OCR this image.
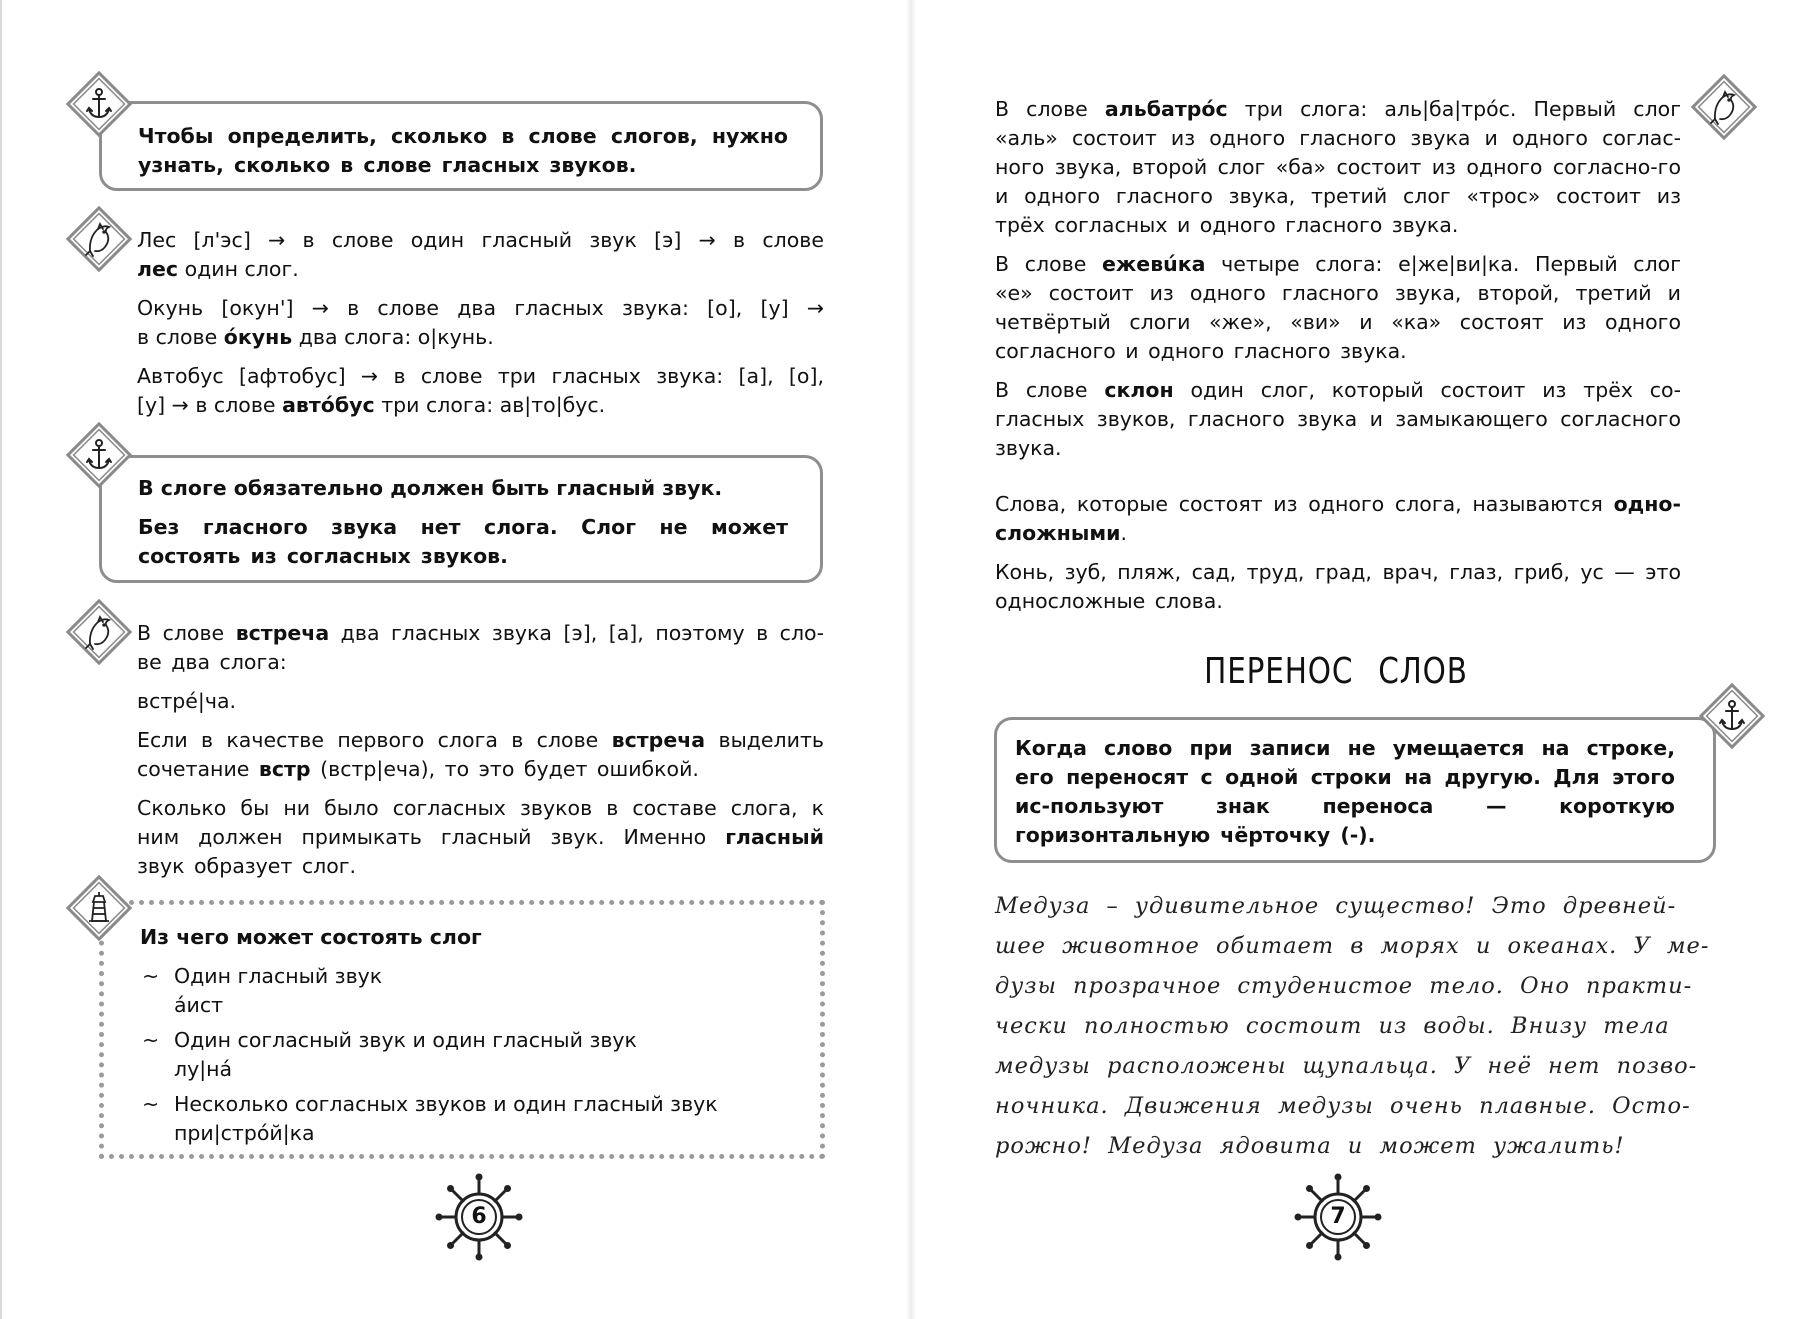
Чтобы определить, сколько в слове слогов, нужно узнать, сколько в слове гласных звуков.

Лес [л'эс] → в слове один гласный звук [э] → в слове

лес один слог.

Окунь [окун'] → в слове два гласных звука: [о], [у] →

в слове óкунь два слога: о|кунь.

Автобус [афтобус] → в слове три гласных звука: [а], [о],

[у] → в слове автóбус три слога: ав|то|бус.

В слоге обязательно должен быть гласный звук.

Без гласного звука нет слога. Слог не может состоять из согласных звуков.

В слове встреча два гласных звука [э], [а], поэтому в сло-ве два слога:

встрé|ча.

Если в качестве первого слога в слове встреча выделить сочетание встр (встр|еча), то это будет ошибкой.

Сколько бы ни было согласных звуков в составе слога, к ним должен примыкать гласный звук. Именно гласный звук образует слог.

Из чего может состоять слог

~ Один гласный звук

áист

~ Один согласный звук и один гласный звук

лу|нá

~ Несколько согласных звуков и один гласный звук

при|стрóй|ка

6

В слове альбатрóс три слога: аль|ба|трóс. Первый слог «аль» состоит из одного гласного звука и одного соглас-ного звука, второй слог «ба» состоит из одного согласно-го и одного гласного звука, третий слог «трос» состоит из трёх согласных и одного гласного звука.

В слове ежевúка четыре слога: е|же|ви|ка. Первый слог «е» состоит из одного гласного звука, второй, третий и четвёртый слоги «же», «ви» и «ка» состоят из одного согласного и одного гласного звука.

В слове склон один слог, который состоит из трёх со-гласных звуков, гласного звука и замыкающего согласного звука.

Слова, которые состоят из одного слога, называются одно-сложными.

Конь, зуб, пляж, сад, труд, град, врач, глаз, гриб, ус — это односложные слова.

ПЕРЕНОС СЛОВ

Когда слово при записи не умещается на строке, его переносят с одной строки на другую. Для этого ис-пользуют знак переноса — короткую горизонтальную чёрточку (-).

Медуза – удивительное существо! Это древней-
шее животное обитает в морях и океанах. У ме-
дузы прозрачное студенистое тело. Оно практи-
чески полностью состоит из воды. Внизу тела
медузы расположены щупальца. У неё нет позво-
ночника. Движения медузы очень плавные. Осто-
рожно! Медуза ядовита и может ужалить!
7
